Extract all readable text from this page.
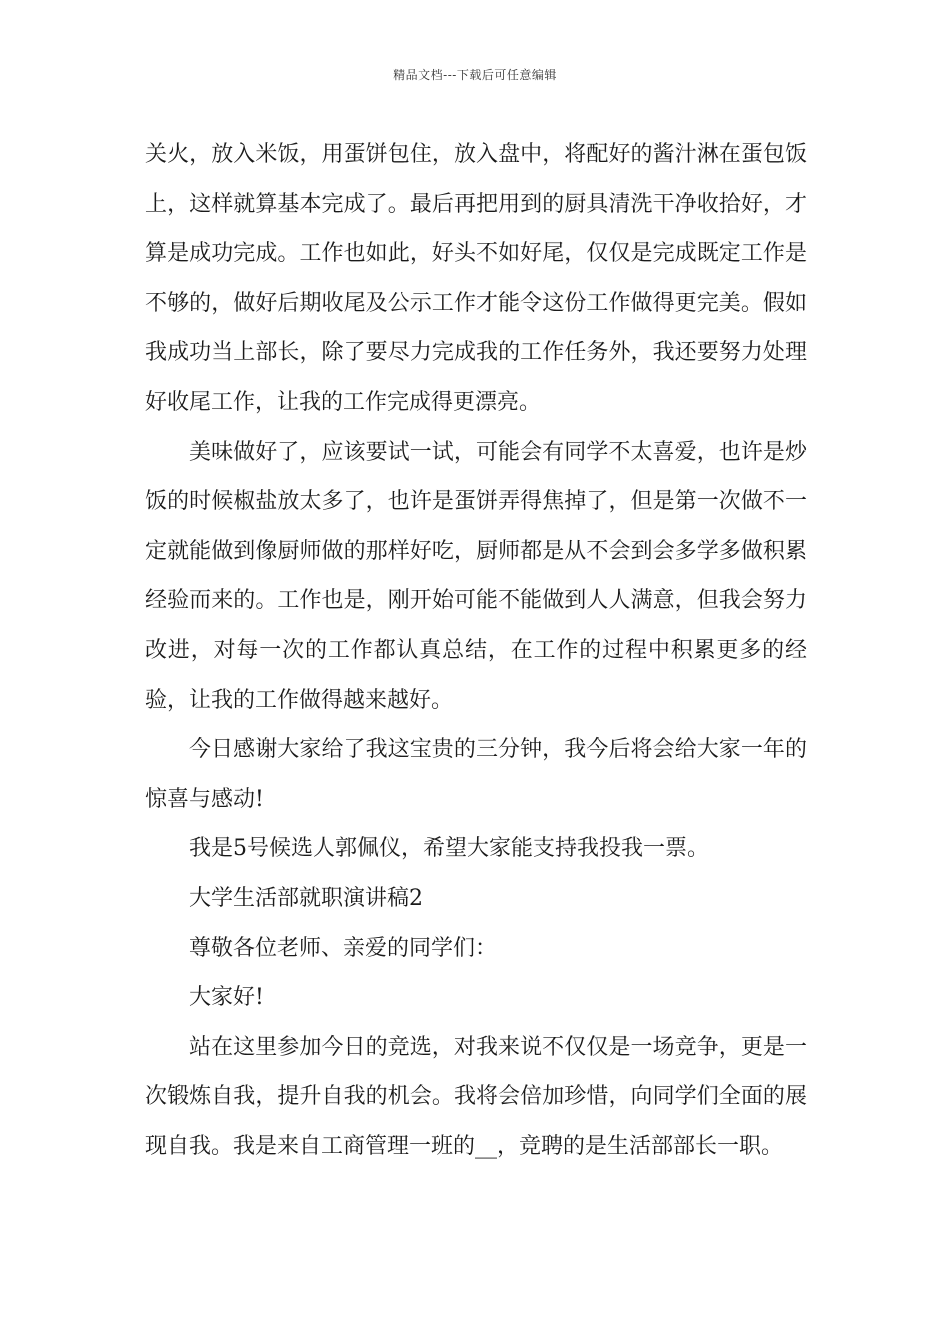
精品文档---下载后可任意编辑

关火，放入米饭，用蛋饼包住，放入盘中，将配好的酱汁淋在蛋包饭上，这样就算基本完成了。最后再把用到的厨具清洗干净收拾好，才算是成功完成。工作也如此，好头不如好尾，仅仅是完成既定工作是不够的，做好后期收尾及公示工作才能令这份工作做得更完美。假如我成功当上部长，除了要尽力完成我的工作任务外，我还要努力处理好收尾工作，让我的工作完成得更漂亮。

美味做好了，应该要试一试，可能会有同学不太喜爱，也许是炒饭的时候椒盐放太多了，也许是蛋饼弄得焦掉了，但是第一次做不一定就能做到像厨师做的那样好吃，厨师都是从不会到会多学多做积累经验而来的。工作也是，刚开始可能不能做到人人满意，但我会努力改进，对每一次的工作都认真总结，在工作的过程中积累更多的经验，让我的工作做得越来越好。

今日感谢大家给了我这宝贵的三分钟，我今后将会给大家一年的惊喜与感动!

我是5号候选人郭佩仪，希望大家能支持我投我一票。

大学生活部就职演讲稿2

尊敬各位老师、亲爱的同学们：

大家好!

站在这里参加今日的竞选，对我来说不仅仅是一场竞争，更是一次锻炼自我，提升自我的机会。我将会倍加珍惜，向同学们全面的展现自我。我是来自工商管理一班的__，竞聘的是生活部部长一职。
